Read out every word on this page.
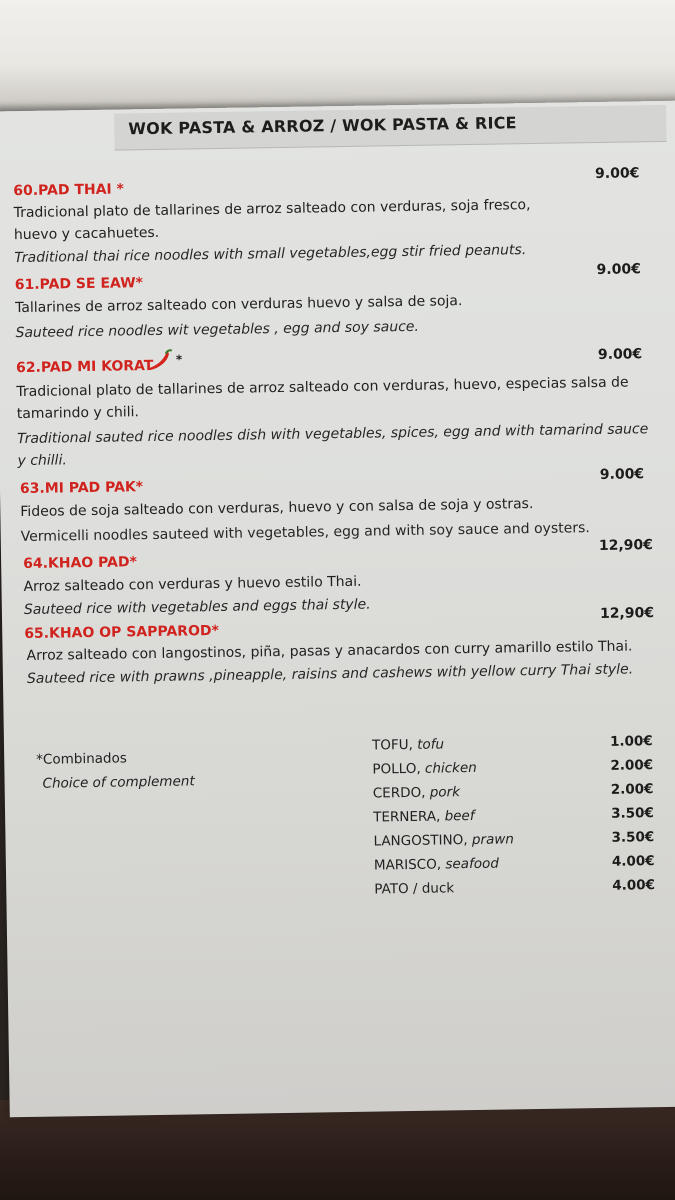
WOK PASTA & ARROZ / WOK PASTA & RICE
60.PAD THAI *
9.00€
Tradicional plato de tallarines de arroz salteado con verduras, soja fresco, huevo y cacahuetes.
Traditional thai rice noodles with small vegetables,egg stir fried peanuts.
61.PAD SE EAW*
9.00€
Tallarines de arroz salteado con verduras huevo y salsa de soja.
Sauteed rice noodles wit vegetables , egg and soy sauce.
62.PAD MI KORAT *	9.00€
Tradicional plato de tallarines de arroz salteado con verduras, huevo, especias salsa de tamarindo y chili.
Traditional sauted rice noodles dish with vegetables, spices, egg and with tamarind sauce y chilli.
63.MI PAD PAK*
9.00€
Fideos de soja salteado con verduras, huevo y con salsa de soja y ostras.
Vermicelli noodles sauteed with vegetables, egg and with soy sauce and oysters.
64.KHAO PAD*
12,90€
Arroz salteado con verduras y huevo estilo Thai.
Sauteed rice with vegetables and eggs thai style.
65.KHAO OP SAPPAROD*
12,90€
Arroz salteado con langostinos, piña, pasas y anacardos con curry amarillo estilo Thai.
Sauteed rice with prawns ,pineapple, raisins and cashews with yellow curry Thai style.
*Combinados
Choice of complement
TOFU, tofu	1.00€
POLLO, chicken	2.00€
CERDO, pork	2.00€
TERNERA, beef	3.50€
LANGOSTINO, prawn	3.50€
MARISCO, seafood	4.00€
PATO / duck	4.00€
